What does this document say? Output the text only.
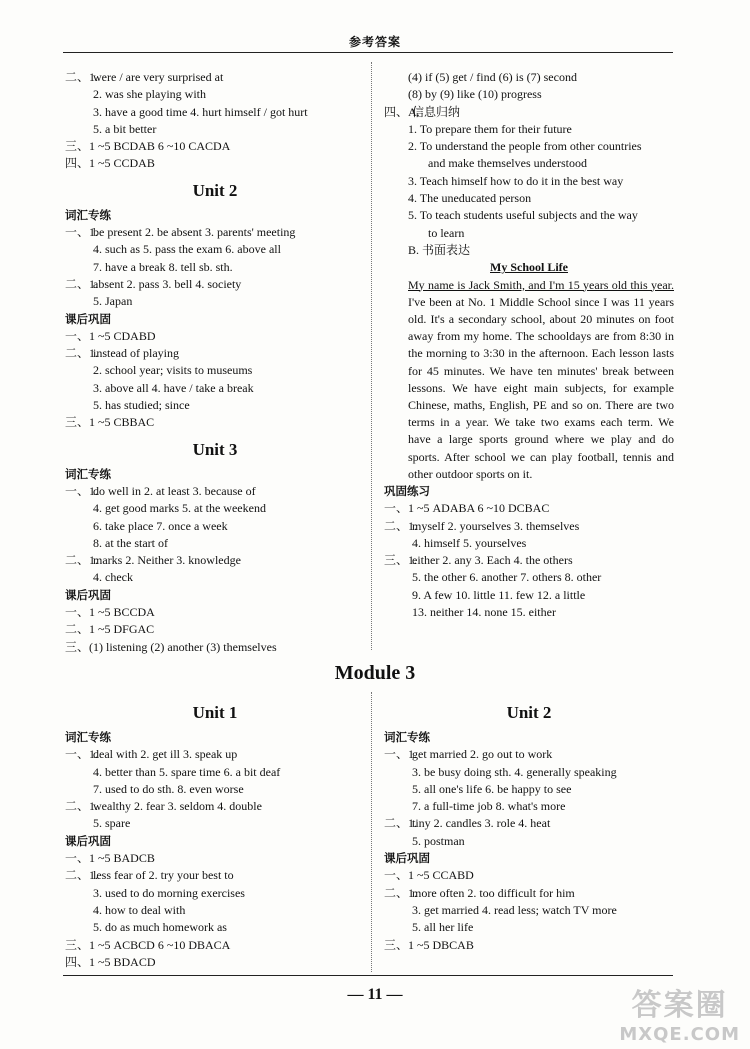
参考答案
二、1.
were / are very surprised at
2. was she playing with
3. have a good time 4. hurt himself / got hurt
5. a bit better
三、1 ~5 BCDAB 6 ~10 CACDA
四、1 ~5 CCDAB
Unit 2
词汇专练
一、1.
be present 2. be absent 3. parents' meeting
4. such as 5. pass the exam 6. above all
7. have a break 8. tell sb. sth.
二、1.
absent 2. pass 3. bell 4. society
5. Japan
课后巩固
一、1 ~5 CDABD
二、1.
instead of playing
2. school year; visits to museums
3. above all 4. have / take a break
5. has studied; since
三、1 ~5 CBBAC
Unit 3
词汇专练
一、1.
do well in 2. at least 3. because of
4. get good marks 5. at the weekend
6. take place 7. once a week
8. at the start of
二、1.
marks 2. Neither 3. knowledge
4. check
课后巩固
一、1 ~5 BCCDA
二、1 ~5 DFGAC
三、(1) listening (2) another (3) themselves
(4) if (5) get / find (6) is (7) second
(8) by (9) like (10) progress
四、A.
信息归纳
1. To prepare them for their future
2. To understand the people from other countries
and make themselves understood
3. Teach himself how to do it in the best way
4. The uneducated person
5. To teach students useful subjects and the way
to learn
B. 书面表达
My School Life
My name is Jack Smith, and I'm 15 years old this year. I've been at No. 1 Middle School since I was 11 years old. It's a secondary school, about 20 minutes on foot away from my home. The schooldays are from 8:30 in the morning to 3:30 in the afternoon. Each lesson lasts for 45 minutes. We have ten minutes' break between lessons. We have eight main subjects, for example Chinese, maths, English, PE and so on. There are two terms in a year. We take two exams each term. We have a large sports ground where we play and do sports. After school we can play football, tennis and other outdoor sports on it.
巩固练习
一、1 ~5 ADABA 6 ~10 DCBAC
二、1.
myself 2. yourselves 3. themselves
4. himself 5. yourselves
三、1.
either 2. any 3. Each 4. the others
5. the other 6. another 7. others 8. other
9. A few 10. little 11. few 12. a little
13. neither 14. none 15. either
Module 3
Unit 1
词汇专练
一、1.
deal with 2. get ill 3. speak up
4. better than 5. spare time 6. a bit deaf
7. used to do sth. 8. even worse
二、1.
wealthy 2. fear 3. seldom 4. double
5. spare
课后巩固
一、1 ~5 BADCB
二、1.
less fear of 2. try your best to
3. used to do morning exercises
4. how to deal with
5. do as much homework as
三、1 ~5 ACBCD 6 ~10 DBACA
四、1 ~5 BDACD
Unit 2
词汇专练
一、1.
get married 2. go out to work
3. be busy doing sth. 4. generally speaking
5. all one's life 6. be happy to see
7. a full-time job 8. what's more
二、1.
tiny 2. candles 3. role 4. heat
5. postman
课后巩固
一、1 ~5 CCABD
二、1.
more often 2. too difficult for him
3. get married 4. read less; watch TV more
5. all her life
三、1 ~5 DBCAB
— 11 —	答案圈
MXQE.COM
